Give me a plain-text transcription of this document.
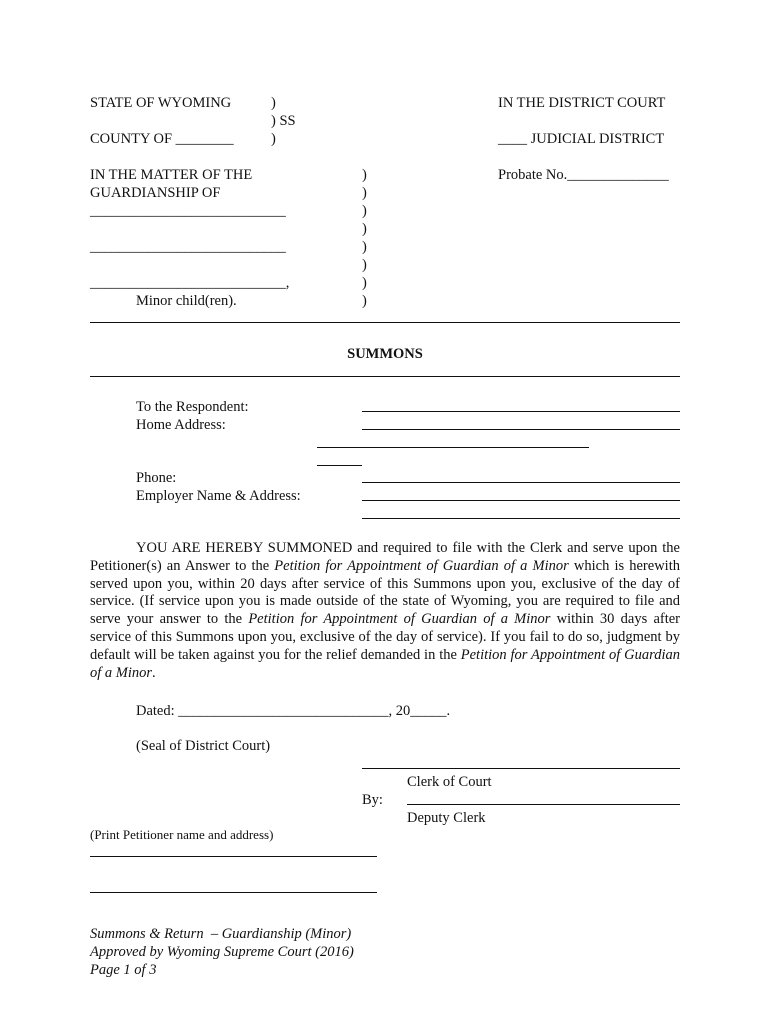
STATE OF WYOMING	)
) SS
COUNTY OF ________	)
IN THE DISTRICT COURT
____ JUDICIAL DISTRICT
IN THE MATTER OF THE
GUARDIANSHIP OF
___________________________
___________________________
___________________________,
Minor child(ren).
Probate No.______________
)
)
)
)
)
)
)
)
SUMMONS
To the Respondent:
Home Address:
Phone:
Employer Name & Address:
YOU ARE HEREBY SUMMONED and required to file with the Clerk and serve upon the Petitioner(s) an Answer to the Petition for Appointment of Guardian of a Minor which is herewith served upon you, within 20 days after service of this Summons upon you, exclusive of the day of service. (If service upon you is made outside of the state of Wyoming, you are required to file and serve your answer to the Petition for Appointment of Guardian of a Minor within 30 days after service of this Summons upon you, exclusive of the day of service). If you fail to do so, judgment by default will be taken against you for the relief demanded in the Petition for Appointment of Guardian of a Minor.
Dated: _____________________________, 20_____.
(Seal of District Court)
Clerk of Court
By:
Deputy Clerk
(Print Petitioner name and address)
Summons & Return  – Guardianship (Minor)
Approved by Wyoming Supreme Court (2016)
Page 1 of 3
